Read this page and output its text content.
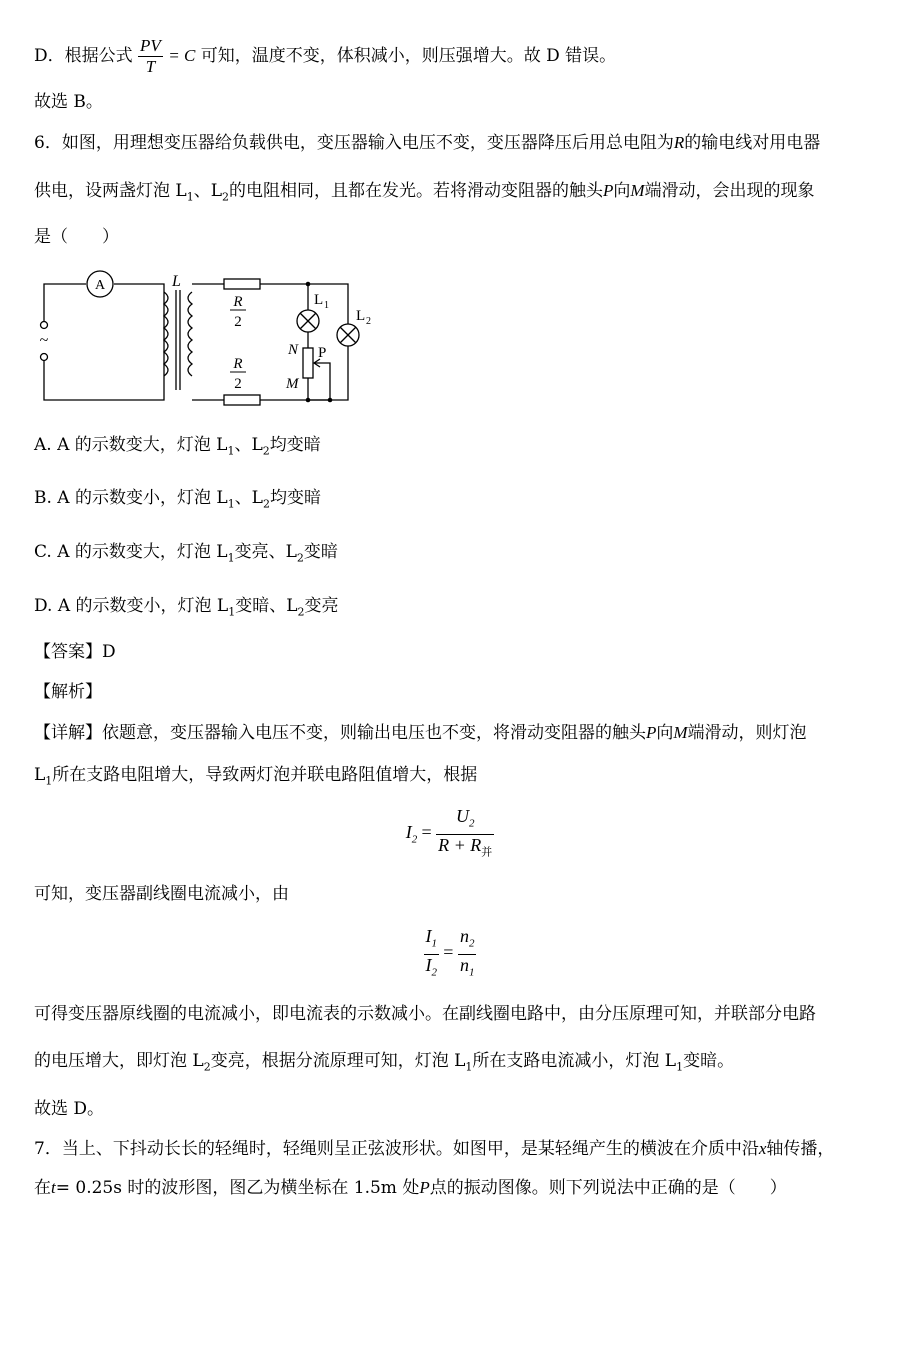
D．根据公式 $\frac{PV}{T} = C$ 可知，温度不变，体积减小，则压强增大。故 D 错误。
故选 B。
6．如图，用理想变压器给负载供电，变压器输入电压不变，变压器降压后用总电阻为R的输电线对用电器
供电，设两盏灯泡 $L_1$、$L_2$的电阻相同，且都在发光。若将滑动变阻器的触头P向M端滑动，会出现的现象
是（　　）
A
~
L
R
2
R
2
L 1
L 2
N P
M
A. A 的示数变大，灯泡 $L_1$、$L_2$均变暗
B. A 的示数变小，灯泡 $L_1$、$L_2$均变暗
C. A 的示数变大，灯泡 $L_1$变亮、$L_2$变暗
D. A 的示数变小，灯泡 $L_1$变暗、$L_2$变亮
【答案】D
【解析】
【详解】依题意，变压器输入电压不变，则输出电压也不变，将滑动变阻器的触头P向M端滑动，则灯泡
$L_1$所在支路电阻增大，导致两灯泡并联电路阻值增大，根据
$I_2 = \frac{U_2}{R + R_并}$
可知，变压器副线圈电流减小，由
$\frac{I_1}{I_2} = \frac{n_2}{n_1}$
可得变压器原线圈的电流减小，即电流表的示数减小。在副线圈电路中，由分压原理可知，并联部分电路
的电压增大，即灯泡 $L_2$变亮，根据分流原理可知，灯泡 $L_1$所在支路电流减小，灯泡 $L_1$变暗。
故选 D。
7．当上、下抖动长长的轻绳时，轻绳则呈正弦波形状。如图甲，是某轻绳产生的横波在介质中沿x轴传播，
在t= 0.25s 时的波形图，图乙为横坐标在 1.5m 处P点的振动图像。则下列说法中正确的是（　　）
